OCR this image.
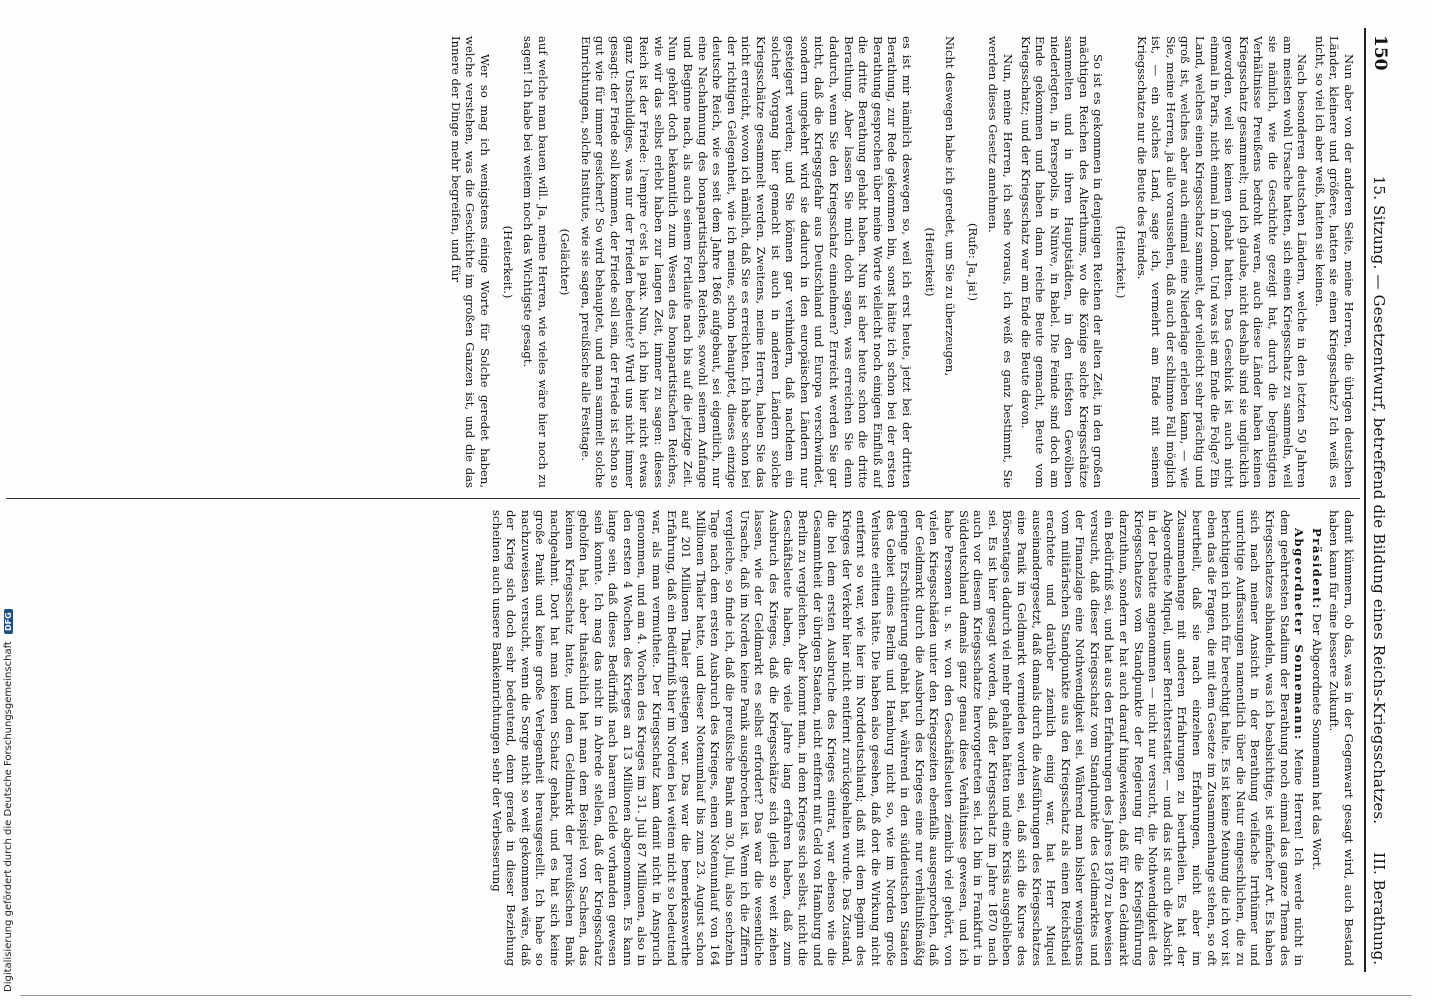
150
15. Sitzung. — Gesetzentwurf, betreffend die Bildung eines Reichs-Kriegsschatzes.
III. Berathung.

Nun aber von der anderen Seite, meine Herren, die übrigen deutschen Länder, kleinere und größere, hatten sie einen Kriegsschatz? Ich weiß es nicht, so viel ich aber weiß, hatten sie keinen.

Nach besonderen deutschen Ländern, welche in den letzten 50 Jahren am meisten wohl Ursache hatten, sich einen Kriegsschatz zu sammeln, weil sie nämlich, wie die Geschichte gezeigt hat, durch die begünstigten Verhältnisse Preußens bedroht waren, auch diese Länder haben keinen Kriegsschatz gesammelt; und ich glaube, nicht deshalb sind sie unglücklich geworden, weil sie keinen gehabt hatten. Das Geschick ist auch nicht einmal in Paris, nicht einmal in London. Und was ist am Ende die Folge? Ein Land, welches einen Kriegsschatz sammelt, der vielleicht sehr prächtig und groß ist, welches aber auch einmal eine Niederlage erleben kann, — wie Sie, meine Herren, ja alle voraussehen, daß auch der schlimme Fall möglich ist, — ein solches Land, sage ich, vermehrt am Ende mit seinem Kriegsschatze nur die Beute des Feindes.

(Heiterkeit.)

So ist es gekommen in denjenigen Reichen der alten Zeit, in den großen mächtigen Reichen des Alterthums, wo die Könige solche Kriegsschätze sammelten und in ihren Hauptstädten, in den tiefsten Gewölben niederlegten, in Persepolis, in Ninive, in Babel. Die Feinde sind doch am Ende gekommen und haben dann reiche Beute gemacht, Beute vom Kriegsschatz; und der Kriegsschatz war am Ende die Beute davon.

Nun, meine Herren, ich sehe voraus, ich weiß es ganz bestimmt, Sie werden dieses Gesetz annehmen.

(Rufe: Ja, ja!)

Nicht deswegen habe ich geredet, um Sie zu überzeugen,

(Heiterkeit)

es ist mir nämlich deswegen so, weil ich erst heute, jetzt bei der dritten Berathung, zur Rede gekommen bin, sonst hätte ich schon bei der ersten Berathung gesprochen über meine Worte vielleicht noch einigen Einfluß auf die dritte Berathung gehabt haben. Nun ist aber heute schon die dritte Berathung. Aber lassen Sie mich doch sagen, was erreichen Sie denn dadurch, wenn Sie den Kriegsschatz einnehmen? Erreicht werden Sie gar nicht, daß die Kriegsgefahr aus Deutschland und Europa verschwindet, sondern umgekehrt wird sie dadurch in den europäischen Ländern nur gesteigert werden; und Sie können gar verhindern, daß nachdem ein solcher Vorgang hier gemacht ist auch in anderen Ländern solche Kriegsschätze gesammelt werden. Zweitens, meine Herren, haben Sie das nicht erreicht, wovon ich nämlich, daß Sie es erreichten. Ich habe schon bei der richtigen Gelegenheit, wie ich meine, schon behauptet, dieses einzige deutsche Reich, wie es seit dem Jahre 1866 aufgebaut, sei eigentlich, nur eine Nachahmung des bonapartistischen Reiches, sowohl seinem Anfange und Beginne nach, als auch seinem Fortlaufe nach bis auf die jetzige Zeit. Nun gehört doch bekanntlich zum Wesen des bonapartistischen Reiches, wie wir das selbst erlebt haben zur langen Zeit, immer zu sagen: dieses Reich ist der Friede: l'empire c'est la paix. Nun, ich bin hier nicht etwas ganz Unschuldiges, was nur der Frieden bedeutet? Wird uns nicht immer gesagt: der Friede soll kommen, der Friede soll sein, der Friede ist schon so gut wie für immer gesichert? So wird behauptet, und man sammelt solche Einrichtungen, solche Institute, wie sie sagen, preußische alle Festtage.

(Gelächter)

auf welche man bauen will. Ja, meine Herren, wie vieles wäre hier noch zu sagen! Ich habe bei weitem noch das Wichtigste gesagt.

(Heiterkeit.)

Wer so mag ich wenigstens einige Worte für Solche geredet haben, welche verstehen, was die Geschichte im großen Ganzen ist, und die das Innere der Dinge mehr begreifen, und für

damit kümmern, ob das, was in der Gegenwart gesagt wird, auch Bestand haben kann für eine bessere Zukunft.

Präsident: Der Abgeordnete Sonnemann hat das Wort.

Abgeordneter Sonnemann: Meine Herren! Ich werde nicht in dem geehrtesten Stadium der Berathung noch einmal das ganze Thema des Kriegsschatzes abhandeln, was ich beabsichtige, ist einfacher Art. Es haben sich nach meiner Ansicht in der Berathung vielfache Irrthümer und unrichtige Auffassungen namentlich über die Natur eingeschlichen, die zu berichtigen ich mich für berechtigt halte. Es ist keine Meinung die ich vor ist eben das die Fragen, die mit dem Gesetze im Zusammenhange stehen, so oft beurtheilt, daß sie nach einzelnen Erfahrungen, nicht aber im Zusammenhange mit anderen Erfahrungen zu beurtheilen. Es hat der Abgeordnete Miquel, unser Berichterstatter, — und das ist auch die Absicht in der Debatte angenommen — nicht nur versucht, die Nothwendigkeit des Kriegsschatzes vom Standpunkte der Regierung für die Kriegsführung darzuthun, sondern er hat auch darauf hingewiesen, daß für den Geldmarkt ein Bedürfniß sei, und hat aus den Erfahrungen des Jahres 1870 zu beweisen versucht, daß dieser Kriegsschatz vom Standpunkte des Geldmarktes und der Finanzlage eine Nothwendigkeit sei. Während man bisher wenigstens vom militärischen Standpunkte aus den Kriegsschatz als einen Reichstheil erachtete und darüber ziemlich einig war, hat Herr Miquel auseinandergesetzt, daß damals durch die Ausführungen des Kriegsschatzes eine Panik im Geldmarkt vermieden worden sei, daß sich die Kurse des Börsentages dadurch viel mehr gehalten hätten und eine Krisis ausgeblieben sei. Es ist hier gesagt worden, daß der Kriegsschatz im Jahre 1870 nach auch vor diesem Kriegsschatze hervorgetreten sei. Ich bin in Frankfurt in Süddeutschland damals ganz genau diese Verhältnisse gewesen, und ich habe Personen u. s. w. von den Geschäftsleuten ziemlich viel gehört, von vielen Kriegsschäden unter den Kriegszeiten ebenfalls ausgesprochen, daß der Geldmarkt durch die Ausbruch des Krieges eine nur verhältnißmäßig geringe Erschütterung gehabt hat, während in den süddeutschen Staaten des Gebiet eines Berlin und Hamburg nicht so, wie im Norden große Verluste erlitten hätte. Die haben also gesehen, daß dort die Wirkung nicht entfernt so war, wie hier im Norddeutschland; daß mit dem Beginn des Krieges der Verkehr hier nicht entfernt zurückgehalten wurde. Das Zustand, die bei dem ersten Ausbruche des Krieges eintrat, war ebenso wie die Gesammtheit der übrigen Staaten, nicht entfernt mit Geld von Hamburg und Berlin zu vergleichen. Aber kommt man, in dem Krieges sich selbst, nicht die Geschäftsleute haben, die viele Jahre lang erfahren haben, daß zum Ausbruch des Krieges, daß die Kriegsschätze sich gleich so weit ziehen lassen, wie der Geldmarkt es selbst erfordert? Das war die wesentliche Ursache, daß im Norden keine Panik ausgebrochen ist. Wenn ich die Ziffern vergleiche, so finde ich, daß die preußische Bank am 30. Juli, also sechzehn Tage nach dem ersten Ausbruch des Krieges, einen Notenumlauf von 164 Millionen Thaler hatte, und dieser Notenumlauf bis zum 23. August schon auf 201 Millionen Thaler gestiegen war. Das war die bemerkenswerthe Erfahrung, daß ein Bedürfniß hier im Norden bei weitem nicht so bedeutend war, als man vermuthete. Der Kriegsschatz kam damit nicht in Anspruch genommen, und am 4. Wochen des Krieges im 31. Juli 87 Millionen, also in den ersten 4 Wochen des Krieges an 13 Millionen abgenommen. Es kann lange sein, daß dieses Bedürfniß nach baarem Gelde vorhanden gewesen sein konnte. Ich mag das nicht in Abrede stellen, daß der Kriegsschatz geholfen hat, aber thatsächlich hat man dem Beispiel von Sachsen, das keinen Kriegsschatz hatte, und dem Geldmarkt der preußischen Bank nachgeahmt. Dort hat man keinen Schatz gehabt, und es hat sich keine große Panik und keine große Verlegenheit herausgestellt. Ich habe so nachzuweisen versucht, wenn die Sorge nicht so weit gekommen wäre, daß der Krieg sich doch sehr bedeutend, denn gerade in dieser Beziehung scheinen auch unsere Bankeinrichtungen sehr der Verbesserung

Digitalisierung gefördert durch die Deutsche Forschungsgemeinschaft DFG
